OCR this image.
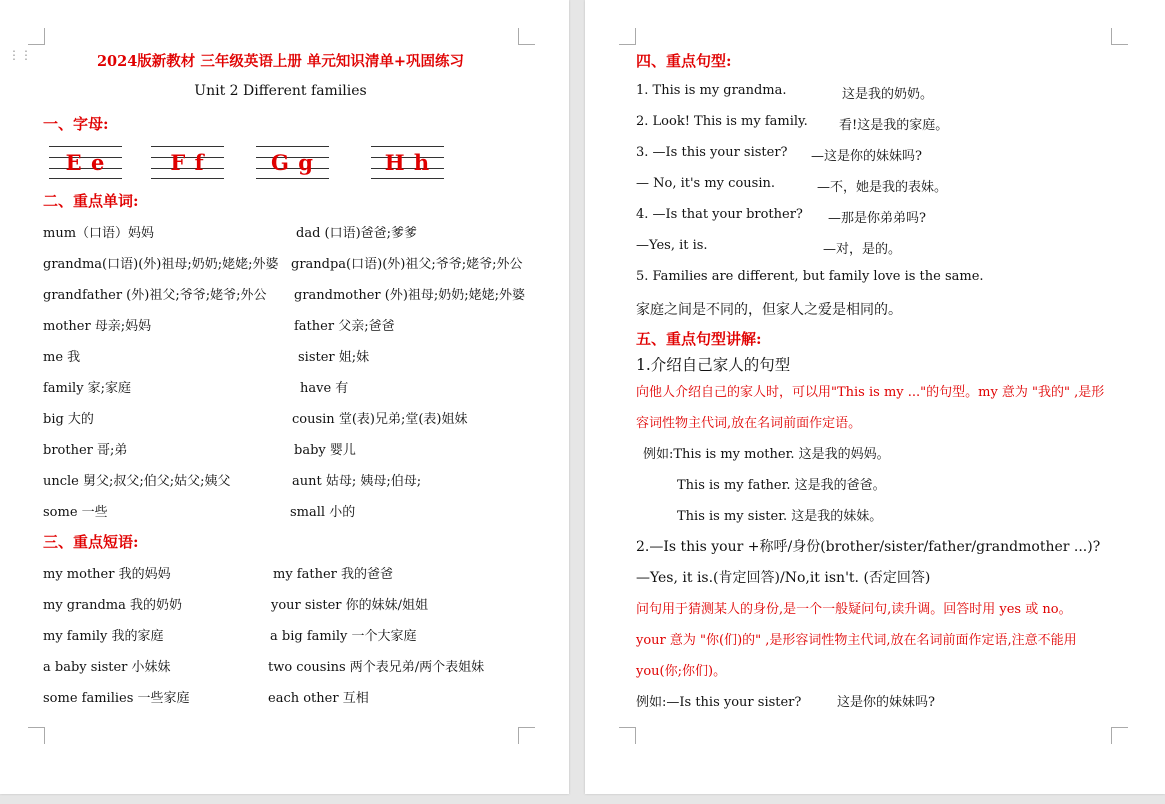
⋮⋮	2024版新教材 三年级英语上册 单元知识清单+巩固练习
Unit 2 Different families
一、字母:
E e	F f	G g	H h
二、重点单词:
mum（口语）妈妈	dad (口语)爸爸;爹爹
grandma(口语)(外)祖母;奶奶;姥姥;外婆 grandpa(口语)(外)祖父;爷爷;姥爷;外公
grandfather (外)祖父;爷爷;姥爷;外公 grandmother (外)祖母;奶奶;姥姥;外婆
mother 母亲;妈妈	father 父亲;爸爸
me 我	sister 姐;妹
family 家;家庭	have 有
big 大的	cousin 堂(表)兄弟;堂(表)姐妹
brother 哥;弟	baby 婴儿
uncle 舅父;叔父;伯父;姑父;姨父	aunt 姑母; 姨母;伯母;
some 一些	small 小的
三、重点短语:
my mother 我的妈妈	my father 我的爸爸
my grandma 我的奶奶	your sister 你的妹妹/姐姐
my family 我的家庭	a big family 一个大家庭
a baby sister 小妹妹	two cousins 两个表兄弟/两个表姐妹
some families 一些家庭	each other 互相
四、重点句型:
1. This is my grandma.	这是我的奶奶。
2. Look! This is my family. 看!这是我的家庭。
3. —Is this your sister? —这是你的妹妹吗?
— No, it's my cousin.	—不，她是我的表妹。
4. —Is that your brother? —那是你弟弟吗?
—Yes, it is.	—对，是的。
5. Families are different, but family love is the same.
家庭之间是不同的，但家人之爱是相同的。
五、重点句型讲解:
1.介绍自己家人的句型
向他人介绍自己的家人时，可以用"This is my ..."的句型。my 意为 "我的" ,是形
容词性物主代词,放在名词前面作定语。
例如:This is my mother. 这是我的妈妈。
This is my father. 这是我的爸爸。
This is my sister. 这是我的妹妹。
2.—Is this your +称呼/身份(brother/sister/father/grandmother ...)?
—Yes, it is.(肯定回答)/No,it isn't. (否定回答)
问句用于猜测某人的身份,是一个一般疑问句,读升调。回答时用 yes 或 no。
your 意为 "你(们)的" ,是形容词性物主代词,放在名词前面作定语,注意不能用
you(你;你们)。
例如:—Is this your sister?	这是你的妹妹吗?
